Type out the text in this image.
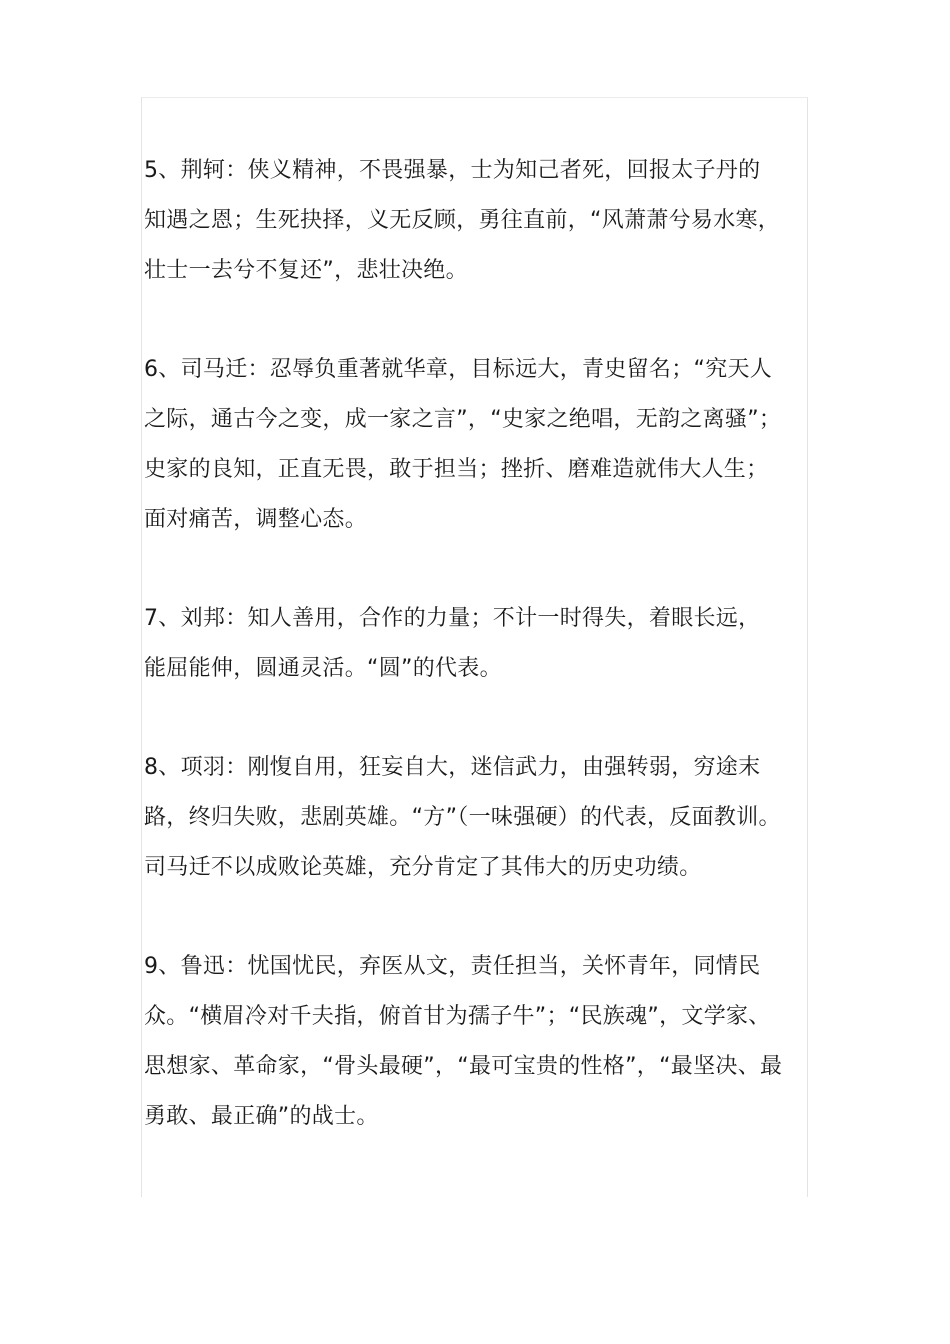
5、荆轲：侠义精神，不畏强暴，士为知己者死，回报太子丹的
知遇之恩；生死抉择，义无反顾，勇往直前，“风萧萧兮易水寒，
壮士一去兮不复还”，悲壮决绝。
6、司马迁：忍辱负重著就华章，目标远大，青史留名；“究天人
之际，通古今之变，成一家之言”，“史家之绝唱，无韵之离骚”；
史家的良知，正直无畏，敢于担当；挫折、磨难造就伟大人生；
面对痛苦，调整心态。
7、刘邦：知人善用，合作的力量；不计一时得失，着眼长远，
能屈能伸，圆通灵活。“圆”的代表。
8、项羽：刚愎自用，狂妄自大，迷信武力，由强转弱，穷途末
路，终归失败，悲剧英雄。“方”（一味强硬）的代表，反面教训。
司马迁不以成败论英雄，充分肯定了其伟大的历史功绩。
9、鲁迅：忧国忧民，弃医从文，责任担当，关怀青年，同情民
众。“横眉冷对千夫指，俯首甘为孺子牛”；“民族魂”，文学家、
思想家、革命家，“骨头最硬”，“最可宝贵的性格”，“最坚决、最
勇敢、最正确”的战士。
